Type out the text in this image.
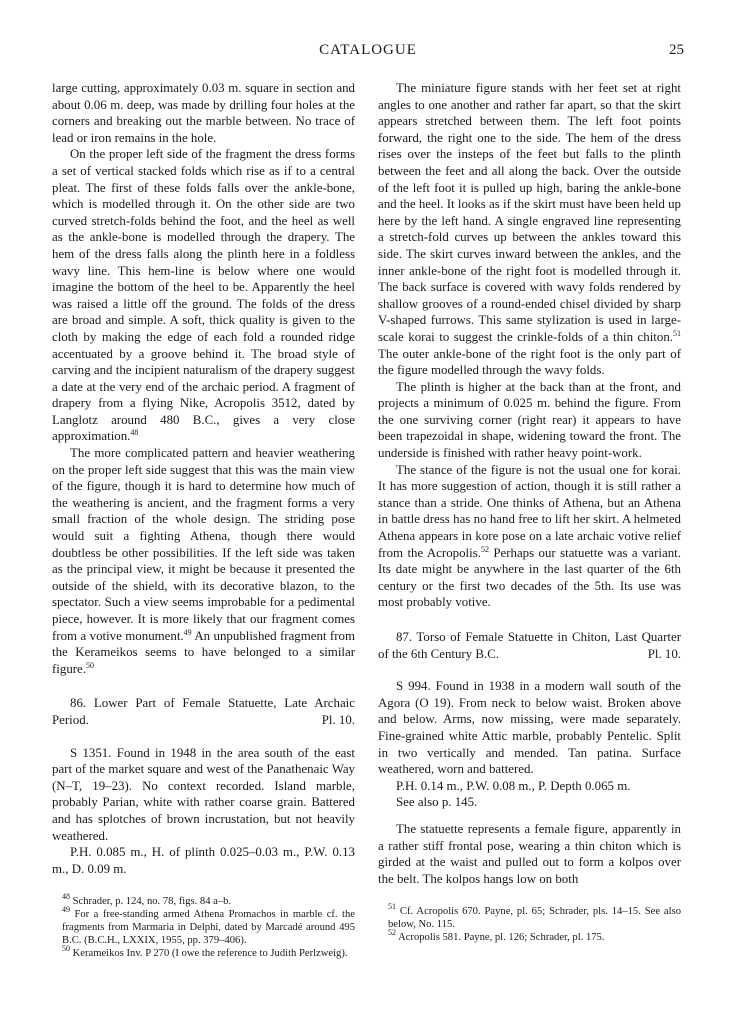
CATALOGUE	25

large cutting, approximately 0.03 m. square in section and about 0.06 m. deep, was made by drilling four holes at the corners and breaking out the marble between. No trace of lead or iron remains in the hole.

On the proper left side of the fragment the dress forms a set of vertical stacked folds which rise as if to a central pleat. The first of these folds falls over the ankle-bone, which is modelled through it. On the other side are two curved stretch-folds behind the foot, and the heel as well as the ankle-bone is modelled through the drapery. The hem of the dress falls along the plinth here in a foldless wavy line. This hem-line is below where one would imagine the bottom of the heel to be. Apparently the heel was raised a little off the ground. The folds of the dress are broad and simple. A soft, thick quality is given to the cloth by making the edge of each fold a rounded ridge accentuated by a groove behind it. The broad style of carving and the incipient naturalism of the drapery suggest a date at the very end of the archaic period. A fragment of drapery from a flying Nike, Acropolis 3512, dated by Langlotz around 480 B.C., gives a very close approximation.$^{48}$

The more complicated pattern and heavier weathering on the proper left side suggest that this was the main view of the figure, though it is hard to determine how much of the weathering is ancient, and the fragment forms a very small fraction of the whole design. The striding pose would suit a fighting Athena, though there would doubtless be other possibilities. If the left side was taken as the principal view, it might be because it presented the outside of the shield, with its decorative blazon, to the spectator. Such a view seems improbable for a pedimental piece, however. It is more likely that our fragment comes from a votive monument.$^{49}$ An unpublished fragment from the Kerameikos seems to have belonged to a similar figure.$^{50}$

86. Lower Part of Female Statuette, Late Archaic Period.	Pl. 10.

S 1351. Found in 1948 in the area south of the east part of the market square and west of the Panathenaic Way (N–T, 19–23). No context recorded. Island marble, probably Parian, white with rather coarse grain. Battered and has splotches of brown incrustation, but not heavily weathered.

P.H. 0.085 m., H. of plinth 0.025–0.03 m., P.W. 0.13 m., D. 0.09 m.

$^{48}$ Schrader, p. 124, no. 78, figs. 84 a–b.

$^{49}$ For a free-standing armed Athena Promachos in marble cf. the fragments from Marmaria in Delphi, dated by Marcadé around 495 B.C. (B.C.H., LXXIX, 1955, pp. 379–406).

$^{50}$ Kerameikos Inv. P 270 (I owe the reference to Judith Perlzweig).

The miniature figure stands with her feet set at right angles to one another and rather far apart, so that the skirt appears stretched between them. The left foot points forward, the right one to the side. The hem of the dress rises over the insteps of the feet but falls to the plinth between the feet and all along the back. Over the outside of the left foot it is pulled up high, baring the ankle-bone and the heel. It looks as if the skirt must have been held up here by the left hand. A single engraved line representing a stretch-fold curves up between the ankles toward this side. The skirt curves inward between the ankles, and the inner ankle-bone of the right foot is modelled through it. The back surface is covered with wavy folds rendered by shallow grooves of a round-ended chisel divided by sharp V-shaped furrows. This same stylization is used in large-scale korai to suggest the crinkle-folds of a thin chiton.$^{51}$ The outer ankle-bone of the right foot is the only part of the figure modelled through the wavy folds.

The plinth is higher at the back than at the front, and projects a minimum of 0.025 m. behind the figure. From the one surviving corner (right rear) it appears to have been trapezoidal in shape, widening toward the front. The underside is finished with rather heavy point-work.

The stance of the figure is not the usual one for korai. It has more suggestion of action, though it is still rather a stance than a stride. One thinks of Athena, but an Athena in battle dress has no hand free to lift her skirt. A helmeted Athena appears in kore pose on a late archaic votive relief from the Acropolis.$^{52}$ Perhaps our statuette was a variant. Its date might be anywhere in the last quarter of the 6th century or the first two decades of the 5th. Its use was most probably votive.

87. Torso of Female Statuette in Chiton, Last Quarter of the 6th Century B.C.	Pl. 10.

S 994. Found in 1938 in a modern wall south of the Agora (O 19). From neck to below waist. Broken above and below. Arms, now missing, were made separately. Fine-grained white Attic marble, probably Pentelic. Split in two vertically and mended. Tan patina. Surface weathered, worn and battered.

P.H. 0.14 m., P.W. 0.08 m., P. Depth 0.065 m.

See also p. 145.

The statuette represents a female figure, apparently in a rather stiff frontal pose, wearing a thin chiton which is girded at the waist and pulled out to form a kolpos over the belt. The kolpos hangs low on both

$^{51}$ Cf. Acropolis 670. Payne, pl. 65; Schrader, pls. 14–15. See also below, No. 115.

$^{52}$ Acropolis 581. Payne, pl. 126; Schrader, pl. 175.
